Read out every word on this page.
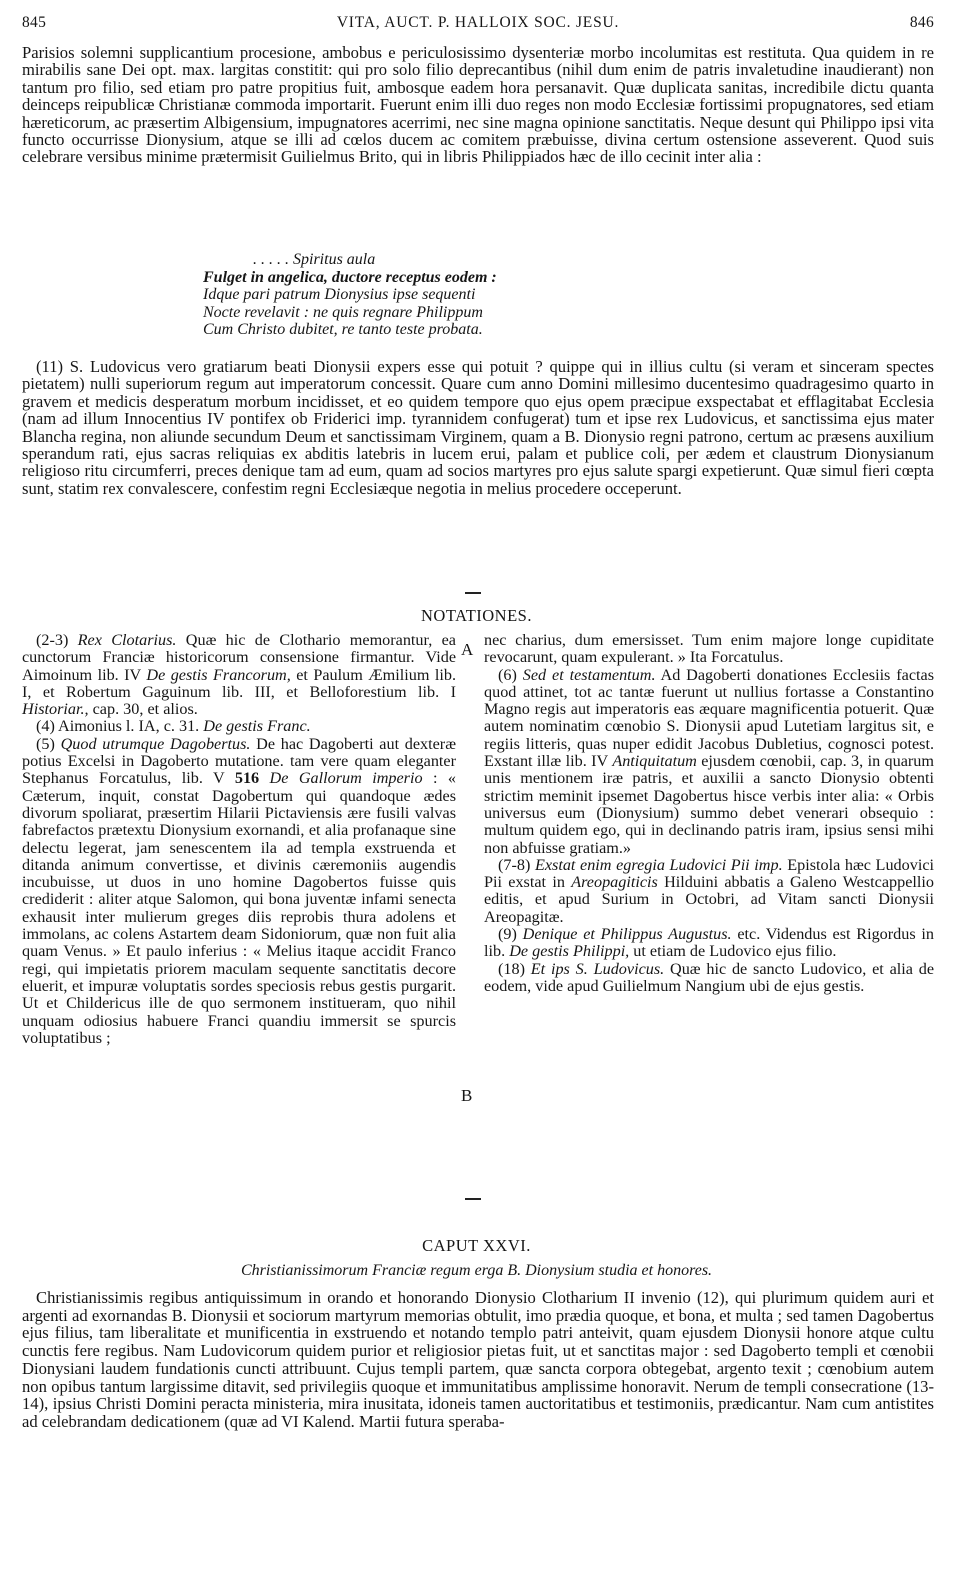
845	VITA, AUCT. P. HALLOIX SOC. JESU.	846

Parisios solemni supplicantium procesione, ambobus e periculosissimo dysenteriæ morbo incolumitas est restituta. Qua quidem in re mirabilis sane Dei opt. max. largitas constitit: qui pro solo filio deprecantibus (nihil dum enim de patris invaletudine inaudierant) non tantum pro filio, sed etiam pro patre propitius fuit, ambosque eadem hora persanavit. Quæ duplicata sanitas, incredibile dictu quanta deinceps reipublicæ Christianæ commoda importarit. Fuerunt enim illi duo reges non modo Ecclesiæ fortissimi propugnatores, sed etiam hæreticorum, ac præsertim Albigensium, impugnatores acerrimi, nec sine magna opinione sanctitatis. Neque desunt qui Philippo ipsi vita functo occurrisse Dionysium, atque se illi ad cœlos ducem ac comitem præbuisse, divina certum ostensione asseverent. Quod suis celebrare versibus minime prætermisit Guilielmus Brito, qui in libris Philippiados hæc de illo cecinit inter alia :

. . . . . Spiritus aula
Fulget in angelica, ductore receptus eodem :
Idque pari patrum Dionysius ipse sequenti
Nocte revelavit : ne quis regnare Philippum
Cum Christo dubitet, re tanto teste probata.

(11) S. Ludovicus vero gratiarum beati Dionysii expers esse qui potuit ? quippe qui in illius cultu (si veram et sinceram spectes pietatem) nulli superiorum regum aut imperatorum concessit. Quare cum anno Domini millesimo ducentesimo quadragesimo quarto in gravem et medicis desperatum morbum incidisset, et eo quidem tempore quo ejus opem præcipue exspectabat et efflagitabat Ecclesia (nam ad illum Innocentius IV pontifex ob Friderici imp. tyrannidem confugerat) tum et ipse rex Ludovicus, et sanctissima ejus mater Blancha regina, non aliunde secundum Deum et sanctissimam Virginem, quam a B. Dionysio regni patrono, certum ac præsens auxilium sperandum rati, ejus sacras reliquias ex abditis latebris in lucem erui, palam et publice coli, per ædem et claustrum Dionysianum religioso ritu circumferri, preces denique tam ad eum, quam ad socios martyres pro ejus salute spargi expetierunt. Quæ simul fieri cœpta sunt, statim rex convalescere, confestim regni Ecclesiæque negotia in melius procedere occeperunt.

NOTATIONES.

(2-3) Rex Clotarius. Quæ hic de Clothario memorantur, ea cunctorum Franciæ historicorum consensione firmantur. Vide Aimoinum lib. IV De gestis Francorum, et Paulum Æmilium lib. I, et Robertum Gaguinum lib. III, et Belloforestium lib. I Historiar., cap. 30, et alios.

(4) Aimonius l. IA, c. 31. De gestis Franc.

(5) Quod utrumque Dagobertus. De hac Dagoberti aut dexteræ potius Excelsi in Dagoberto mutatione. tam vere quam eleganter Stephanus Forcatulus, lib. V 516 De Gallorum imperio : « Cæterum, inquit, constat Dagobertum qui quandoque ædes divorum spoliarat, præsertim Hilarii Pictaviensis ære fusili valvas fabrefactos prætextu Dionysium exornandi, et alia profanaque sine delectu legerat, jam senescentem ila ad templa exstruenda et ditanda animum convertisse, et divinis cæremoniis augendis incubuisse, ut duos in uno homine Dagobertos fuisse quis crediderit : aliter atque Salomon, qui bona juventæ infami senecta exhausit inter mulierum greges diis reprobis thura adolens et immolans, ac colens Astartem deam Sidoniorum, quæ non fuit alia quam Venus. » Et paulo inferius : « Melius itaque accidit Franco regi, qui impietatis priorem maculam sequente sanctitatis decore eluerit, et impuræ voluptatis sordes speciosis rebus gestis purgarit. Ut et Childericus ille de quo sermonem instituеram, quo nihil unquam odiosius habuere Franci quandiu immersit se spurcis voluptatibus ;

A
B

nec charius, dum emersisset. Tum enim majore longe cupiditate revocarunt, quam expulerant. » Ita Forcatulus.

(6) Sed et testamentum. Ad Dagoberti donationes Ecclesiis factas quod attinet, tot ac tantæ fuerunt ut nullius fortasse a Constantino Magno regis aut imperatoris eas æquare magnificentia potuerit. Quæ autem nominatim cœnobio S. Dionysii apud Lutetiam largitus sit, e regiis litteris, quas nuper edidit Jacobus Dubletius, cognosci potest. Exstant illæ lib. IV Antiquitatum ejusdem cœnobii, cap. 3, in quarum unis mentionem iræ patris, et auxilii a sancto Dionysio obtenti strictim meminit ipsemet Dagobertus hisce verbis inter alia: « Orbis universus eum (Dionysium) summo debet venerari obsequio : multum quidem ego, qui in declinando patris iram, ipsius sensi mihi non abfuisse gratiam.»

(7-8) Exstat enim egregia Ludovici Pii imp. Epistola hæc Ludovici Pii exstat in Areopagiticis Hilduini abbatis a Galeno Westcappellio editis, et apud Surium in Octobri, ad Vitam sancti Dionysii Areopagitæ.

(9) Denique et Philippus Augustus. etc. Videndus est Rigordus in lib. De gestis Philippi, ut etiam de Ludovico ejus filio.

(18) Et ips S. Ludovicus. Quæ hic de sancto Ludovico, et alia de eodem, vide apud Guilielmum Nangium ubi de ejus gestis.

CAPUT XXVI.
Christianissimorum Franciæ regum erga B. Dionysium studia et honores.

Christianissimis regibus antiquissimum in orando et honorando Dionysio Clotharium II invenio (12), qui plurimum quidem auri et argenti ad exornandas B. Dionysii et sociorum martyrum memorias obtulit, imo prædia quoque, et bona, et multa ; sed tamen Dagobertus ejus filius, tam liberalitate et munificentia in exstruendo et notando templo patri anteivit, quam ejusdem Dionysii honore atque cultu cunctis fere regibus. Nam Ludovicorum quidem purior et religiosior pietas fuit, ut et sanctitas major : sed Dagoberto templi et cœnobii Dionysiani laudem fundationis cuncti attribuunt. Cujus templi partem, quæ sancta corpora obtegebat, argento texit ; cœnobium autem non opibus tantum largissime ditavit, sed privilegiis quoque et immunitatibus amplissime honoravit. Nerum de templi consecratione (13-14), ipsius Christi Domini peracta ministeria, mira inusitata, idoneis tamen auctoritatibus et testimoniis, prædicantur. Nam cum antistites ad celebrandam dedicationem (quæ ad VI Kalend. Martii futura speraba-
